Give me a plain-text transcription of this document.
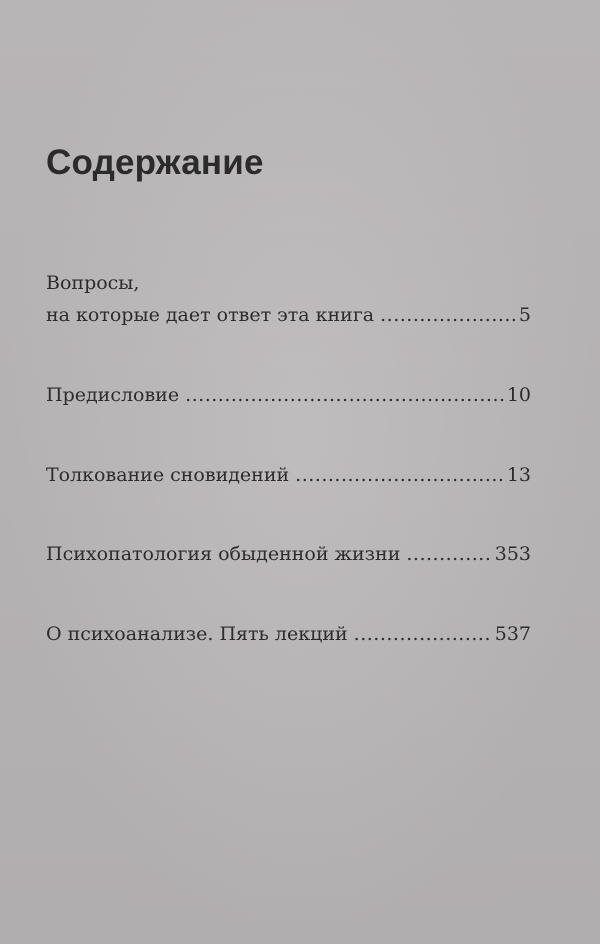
Содержание
Вопросы,
на которые дает ответ эта книга .....	5
Предисловие .....	10
Толкование сновидений .....	13
Психопатология обыденной жизни .....	353
О психоанализе. Пять лекций .....	537
